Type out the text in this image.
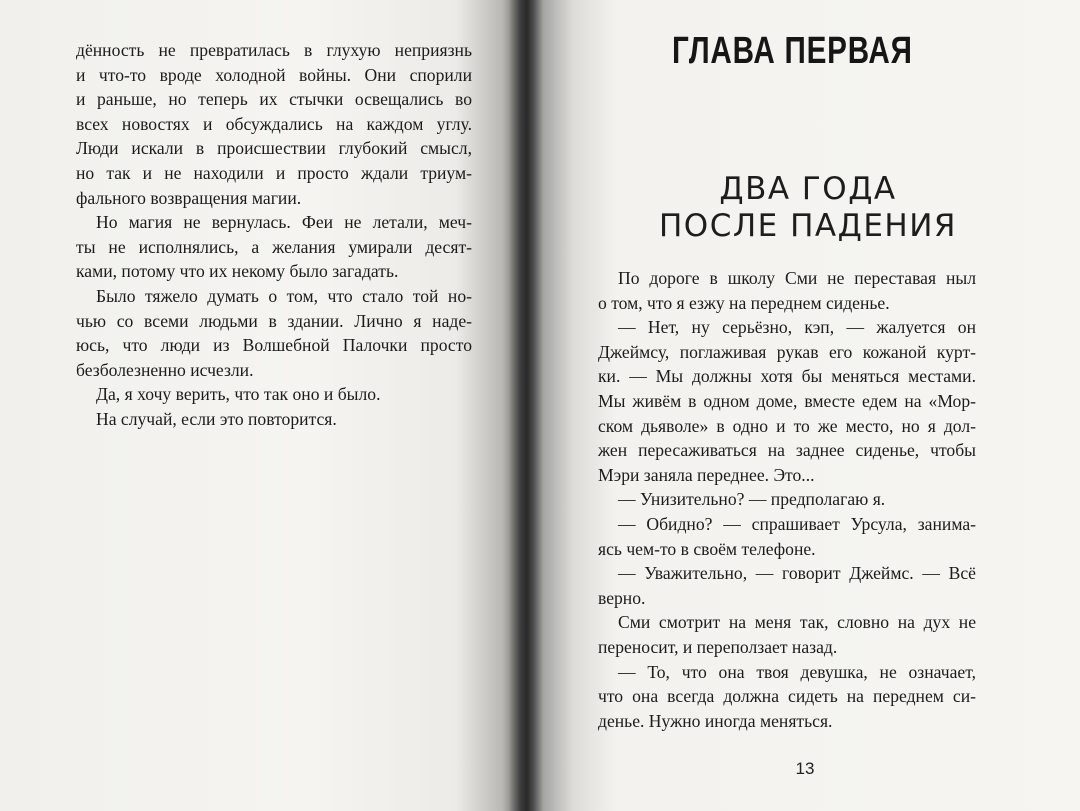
дённость не превратилась в глухую неприязнь
и что-то вроде холодной войны. Они спорили
и раньше, но теперь их стычки освещались во
всех новостях и обсуждались на каждом углу.
Люди искали в происшествии глубокий смысл,
но так и не находили и просто ждали триум-
фального возвращения магии.

Но магия не вернулась. Феи не летали, меч-
ты не исполнялись, а желания умирали десят-
ками, потому что их некому было загадать.

Было тяжело думать о том, что стало той но-
чью со всеми людьми в здании. Лично я наде-
юсь, что люди из Волшебной Палочки просто
безболезненно исчезли.

Да, я хочу верить, что так оно и было.

На случай, если это повторится.

ГЛАВА ПЕРВАЯ
ДВА ГОДА
ПОСЛЕ ПАДЕНИЯ

По дороге в школу Сми не переставая ныл
о том, что я езжу на переднем сиденье.

— Нет, ну серьёзно, кэп, — жалуется он
Джеймсу, поглаживая рукав его кожаной курт-
ки. — Мы должны хотя бы меняться местами.
Мы живём в одном доме, вместе едем на «Мор-
ском дьяволе» в одно и то же место, но я дол-
жен пересаживаться на заднее сиденье, чтобы
Мэри заняла переднее. Это...

— Унизительно? — предполагаю я.

— Обидно? — спрашивает Урсула, занима-
ясь чем-то в своём телефоне.

— Уважительно, — говорит Джеймс. — Всё
верно.

Сми смотрит на меня так, словно на дух не
переносит, и переползает назад.

— То, что она твоя девушка, не означает,
что она всегда должна сидеть на переднем си-
денье. Нужно иногда меняться.

13
